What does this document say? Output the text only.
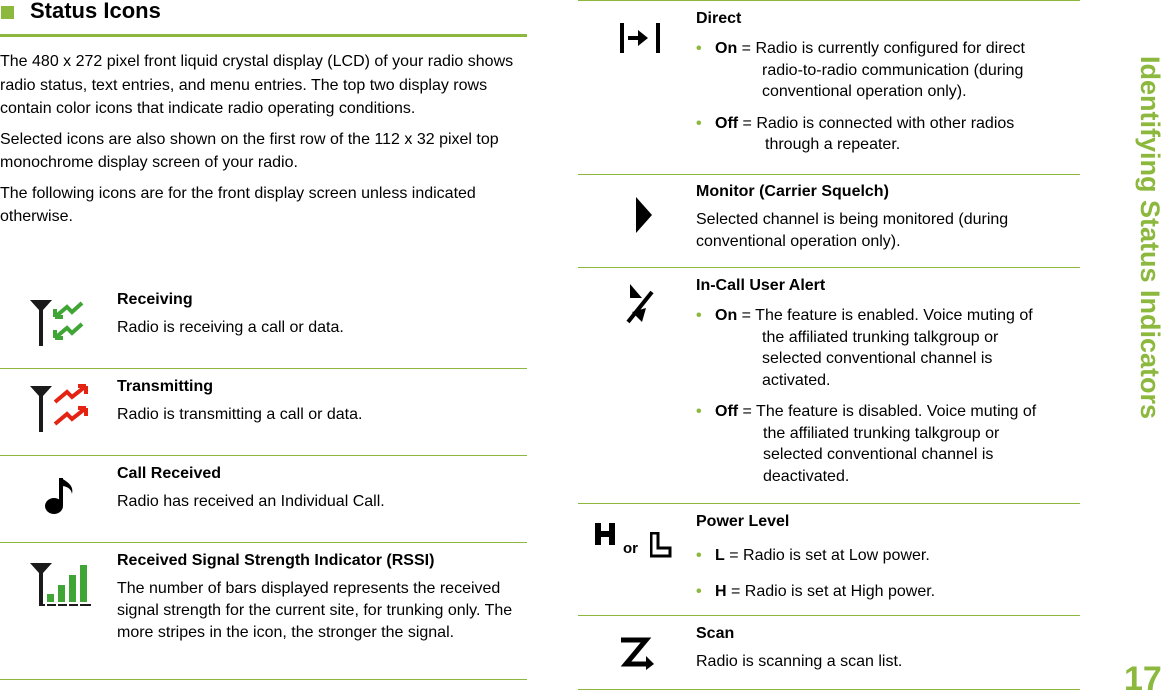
Status Icons

The 480 x 272 pixel front liquid crystal display (LCD) of your radio shows radio status, text entries, and menu entries. The top two display rows contain color icons that indicate radio operating conditions.

Selected icons are also shown on the first row of the 112 x 32 pixel top monochrome display screen of your radio.

The following icons are for the front display screen unless indicated otherwise.

Receiving
Radio is receiving a call or data.
Transmitting
Radio is transmitting a call or data.
Call Received
Radio has received an Individual Call.
Received Signal Strength Indicator (RSSI)
The number of bars displayed represents the received signal strength for the current site, for trunking only. The more stripes in the icon, the stronger the signal.
Direct
• On = Radio is currently configured for direct
radio-to-radio communication (during conventional operation only).
• Off = Radio is connected with other radios
through a repeater.
Monitor (Carrier Squelch)
Selected channel is being monitored (during conventional operation only).
In-Call User Alert
• On = The feature is enabled. Voice muting of
the affiliated trunking talkgroup or selected conventional channel is activated.
• Off = The feature is disabled. Voice muting of
the affiliated trunking talkgroup or selected conventional channel is deactivated.
or
Power Level
• L = Radio is set at Low power.
• H = Radio is set at High power.
Scan
Radio is scanning a scan list.
Identifying Status Indicators
17
